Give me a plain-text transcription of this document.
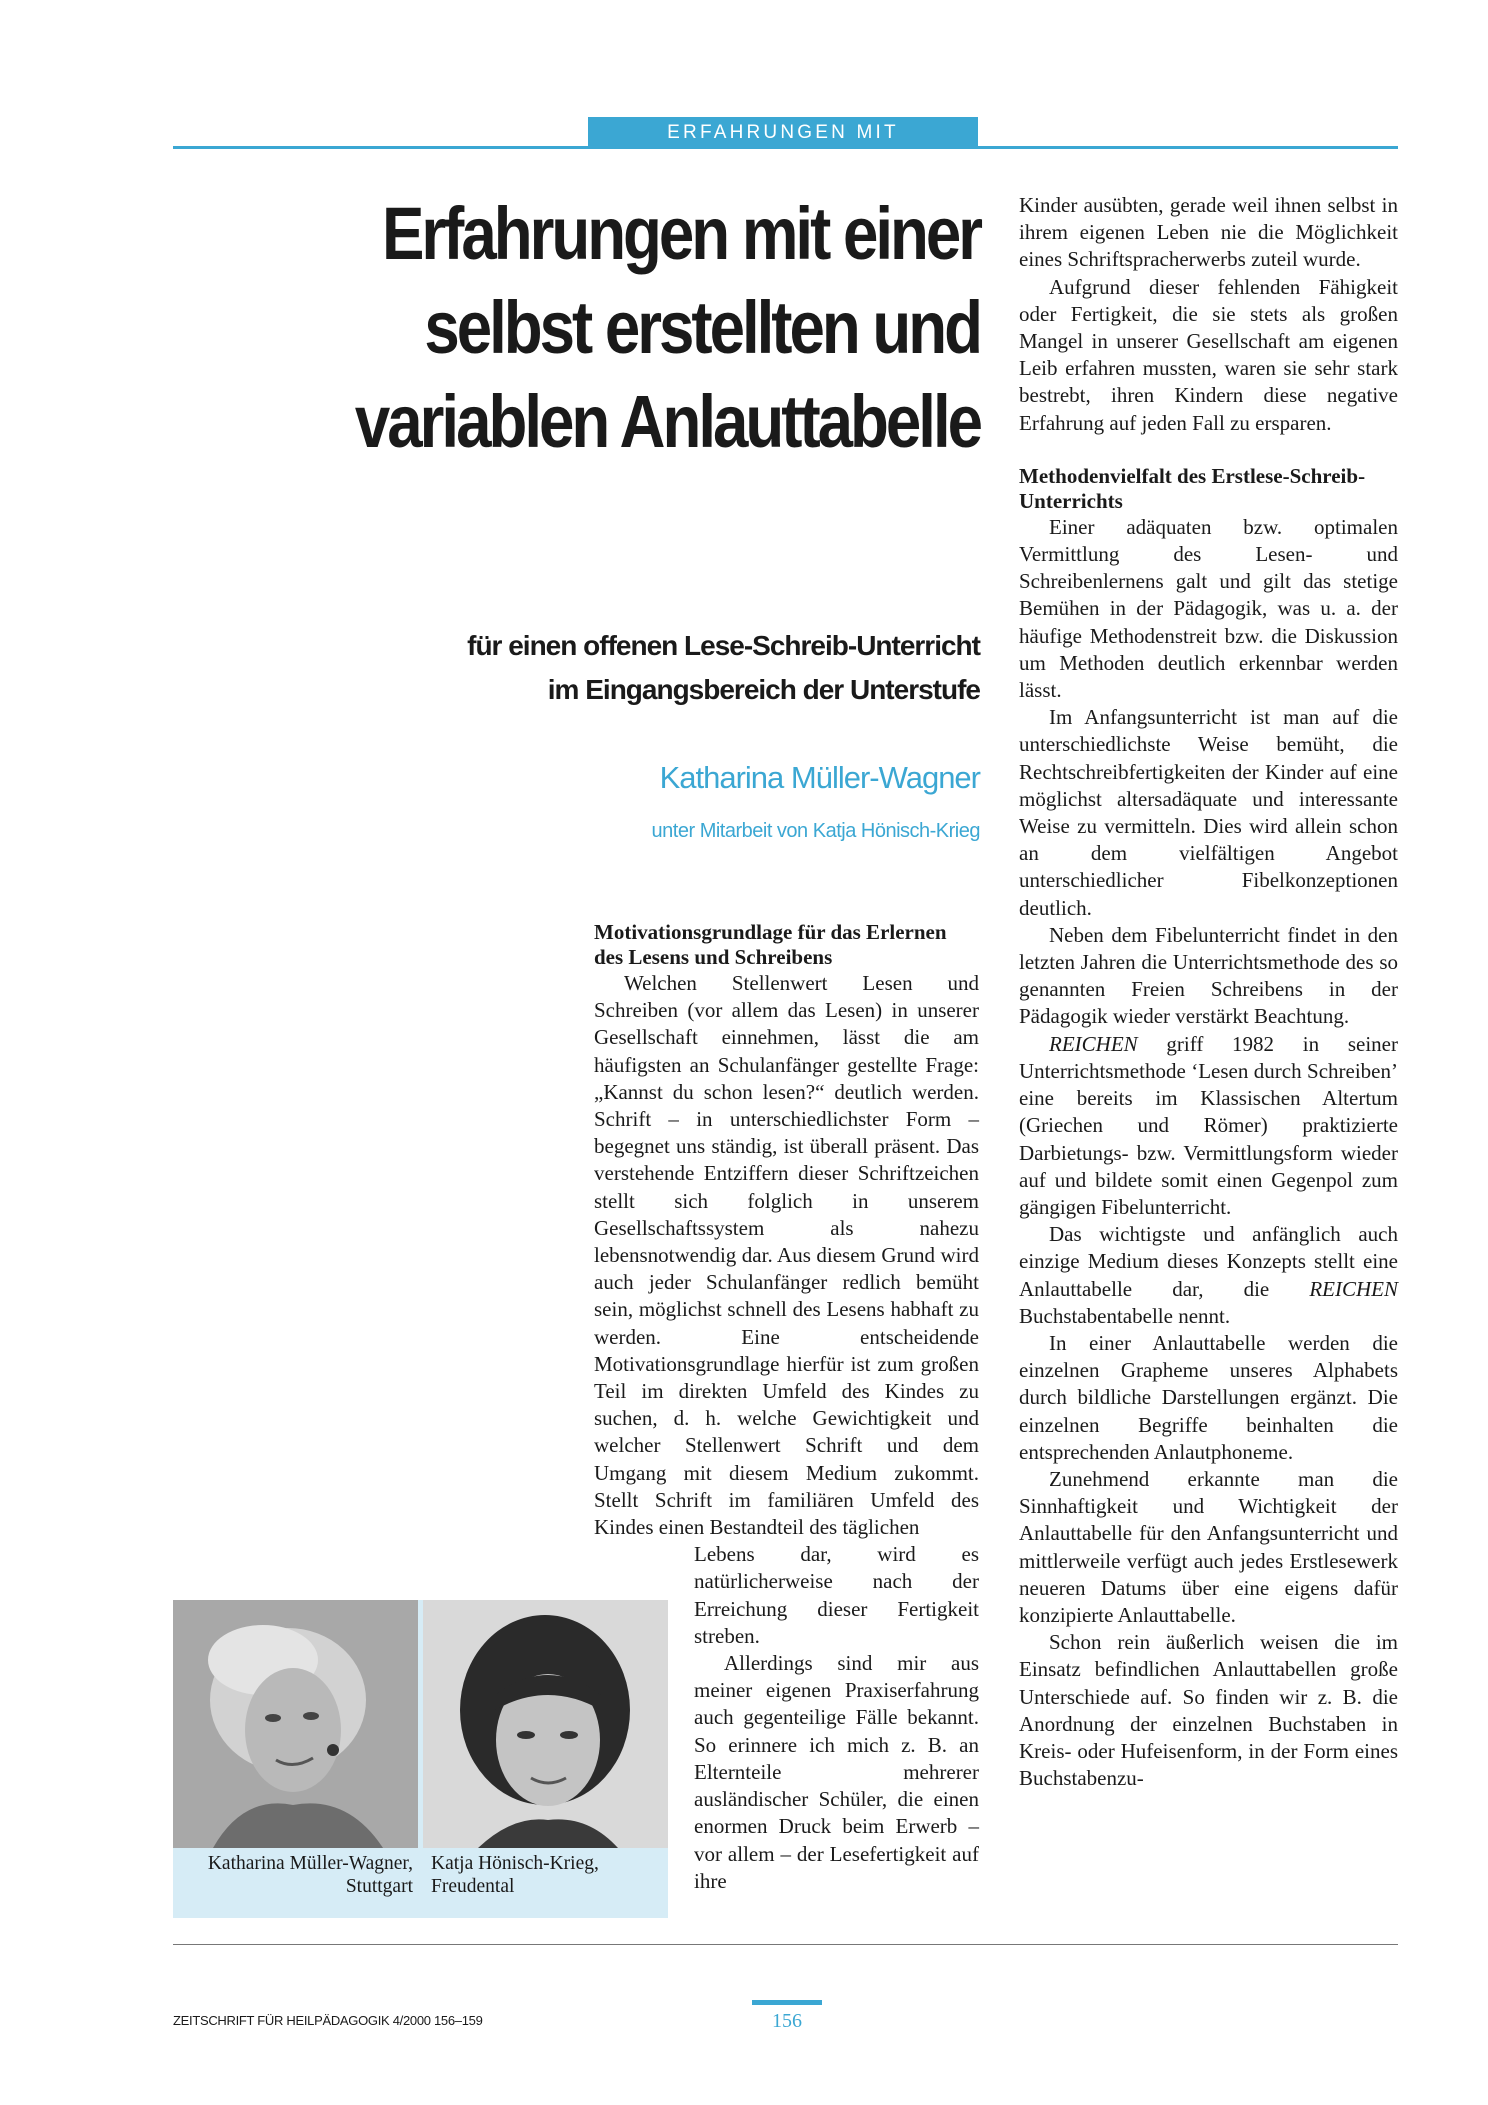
ERFAHRUNGEN MIT ANLAUTTABELLE
Erfahrungen mit einer
selbst erstellten und
variablen Anlauttabelle
für einen offenen Lese-Schreib-Unterricht
im Eingangsbereich der Unterstufe
Katharina Müller-Wagner
unter Mitarbeit von Katja Hönisch-Krieg
Motivationsgrundlage für das Erlernen des Lesens und Schreibens

Welchen Stellenwert Lesen und Schreiben (vor allem das Lesen) in unserer Gesellschaft einnehmen, lässt die am häufigsten an Schulanfänger gestellte Frage: „Kannst du schon lesen?“ deutlich werden. Schrift – in unterschiedlichster Form – begegnet uns ständig, ist überall präsent. Das verstehende Entziffern dieser Schriftzeichen stellt sich folglich in unserem Gesellschaftssystem als nahezu lebensnotwendig dar. Aus diesem Grund wird auch jeder Schulanfänger redlich bemüht sein, möglichst schnell des Lesens habhaft zu werden. Eine entscheidende Motivationsgrundlage hierfür ist zum großen Teil im direkten Umfeld des Kindes zu suchen, d. h. welche Gewichtigkeit und welcher Stellenwert Schrift und dem Umgang mit diesem Medium zukommt. Stellt Schrift im familiären Umfeld des Kindes einen Bestandteil des täglichen

Lebens dar, wird es natürlicherweise nach der Erreichung dieser Fertigkeit streben.

Allerdings sind mir aus meiner eigenen Praxiserfahrung auch gegenteilige Fälle bekannt. So erinnere ich mich z. B. an Elternteile mehrerer ausländischer Schüler, die einen enormen Druck beim Erwerb – vor allem – der Lesefertigkeit auf ihre

Kinder ausübten, gerade weil ihnen selbst in ihrem eigenen Leben nie die Möglichkeit eines Schriftspracherwerbs zuteil wurde.

Aufgrund dieser fehlenden Fähigkeit oder Fertigkeit, die sie stets als großen Mangel in unserer Gesellschaft am eigenen Leib erfahren mussten, waren sie sehr stark bestrebt, ihren Kindern diese negative Erfahrung auf jeden Fall zu ersparen.

Methodenvielfalt des Erstlese-Schreib-Unterrichts

Einer adäquaten bzw. optimalen Vermittlung des Lesen- und Schreibenlernens galt und gilt das stetige Bemühen in der Pädagogik, was u. a. der häufige Methodenstreit bzw. die Diskussion um Methoden deutlich erkennbar werden lässt.

Im Anfangsunterricht ist man auf die unterschiedlichste Weise bemüht, die Rechtschreibfertigkeiten der Kinder auf eine möglichst altersadäquate und interessante Weise zu vermitteln. Dies wird allein schon an dem vielfältigen Angebot unterschiedlicher Fibelkonzeptionen deutlich.

Neben dem Fibelunterricht findet in den letzten Jahren die Unterrichtsmethode des so genannten Freien Schreibens in der Pädagogik wieder verstärkt Beachtung.

REICHEN griff 1982 in seiner Unterrichtsmethode ‘Lesen durch Schreiben’ eine bereits im Klassischen Altertum (Griechen und Römer) praktizierte Darbietungs- bzw. Vermittlungsform wieder auf und bildete somit einen Gegenpol zum gängigen Fibelunterricht.

Das wichtigste und anfänglich auch einzige Medium dieses Konzepts stellt eine Anlauttabelle dar, die REICHEN Buchstabentabelle nennt.

In einer Anlauttabelle werden die einzelnen Grapheme unseres Alphabets durch bildliche Darstellungen ergänzt. Die einzelnen Begriffe beinhalten die entsprechenden Anlautphoneme.

Zunehmend erkannte man die Sinnhaftigkeit und Wichtigkeit der Anlauttabelle für den Anfangsunterricht und mittlerweile verfügt auch jedes Erstlesewerk neueren Datums über eine eigens dafür konzipierte Anlauttabelle.

Schon rein äußerlich weisen die im Einsatz befindlichen Anlauttabellen große Unterschiede auf. So finden wir z. B. die Anordnung der einzelnen Buchstaben in Kreis- oder Hufeisenform, in der Form eines Buchstabenzu-

Katharina Müller-Wagner,
Stuttgart
Katja Hönisch-Krieg,
Freudental
ZEITSCHRIFT FÜR HEILPÄDAGOGIK 4/2000 156–159	156
